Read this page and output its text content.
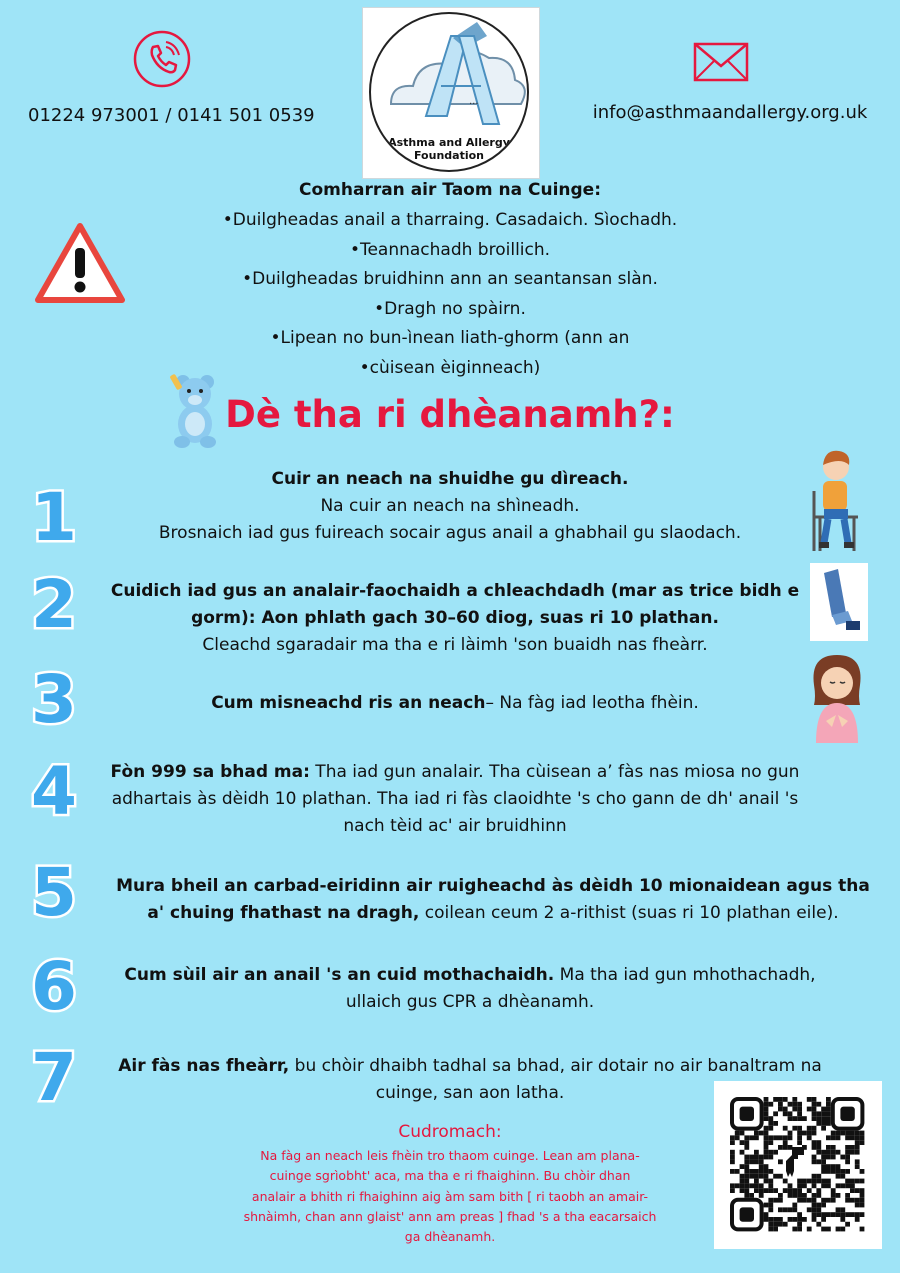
01224 973001 / 0141 501 0539
...
Asthma and Allergy
Foundation
info@asthmaandallergy.org.uk
Comharran air Taom na Cuinge:
•Duilgheadas anail a tharraing. Casadaich. Sìochadh.
•Teannachadh broillich.
•Duilgheadas bruidhinn ann an seantansan slàn.
•Dragh no spàirn.
•Lipean no bun-ìnean liath-ghorm (ann an
•cùisean èiginneach)
Dè tha ri dhèanamh?:
1
2
3
4
5
6
7
Cuir an neach na shuidhe gu dìreach.
Na cuir an neach na shìneadh.
Brosnaich iad gus fuireach socair agus anail a ghabhail gu slaodach.
Cuidich iad gus an analair-faochaidh a chleachdadh (mar as trice bidh e
gorm): Aon phlath gach 30–60 diog, suas ri 10 plathan.
Cleachd sgaradair ma tha e ri làimh 'son buaidh nas fheàrr.
Cum misneachd ris an neach– Na fàg iad leotha fhèin.
Fòn 999 sa bhad ma: Tha iad gun analair. Tha cùisean a’ fàs nas miosa no gun
adhartais às dèidh 10 plathan. Tha iad ri fàs claoidhte 's cho gann de dh' anail 's
nach tèid ac' air bruidhinn
Mura bheil an carbad-eiridinn air ruigheachd às dèidh 10 mionaidean agus tha
a' chuing fhathast na dragh, coilean ceum 2 a-rithist (suas ri 10 plathan eile).
Cum sùil air an anail 's an cuid mothachaidh. Ma tha iad gun mhothachadh,
ullaich gus CPR a dhèanamh.
Air fàs nas fheàrr, bu chòir dhaibh tadhal sa bhad, air dotair no air banaltram na
cuinge, san aon latha.
Cudromach:
Na fàg an neach leis fhèin tro thaom cuinge. Lean am plana-
cuinge sgrìobht' aca, ma tha e ri fhaighinn. Bu chòir dhan
analair a bhith ri fhaighinn aig àm sam bith [ ri taobh an amair-
shnàimh, chan ann glaist' ann am preas ] fhad 's a tha eacarsaich
ga dhèanamh.
